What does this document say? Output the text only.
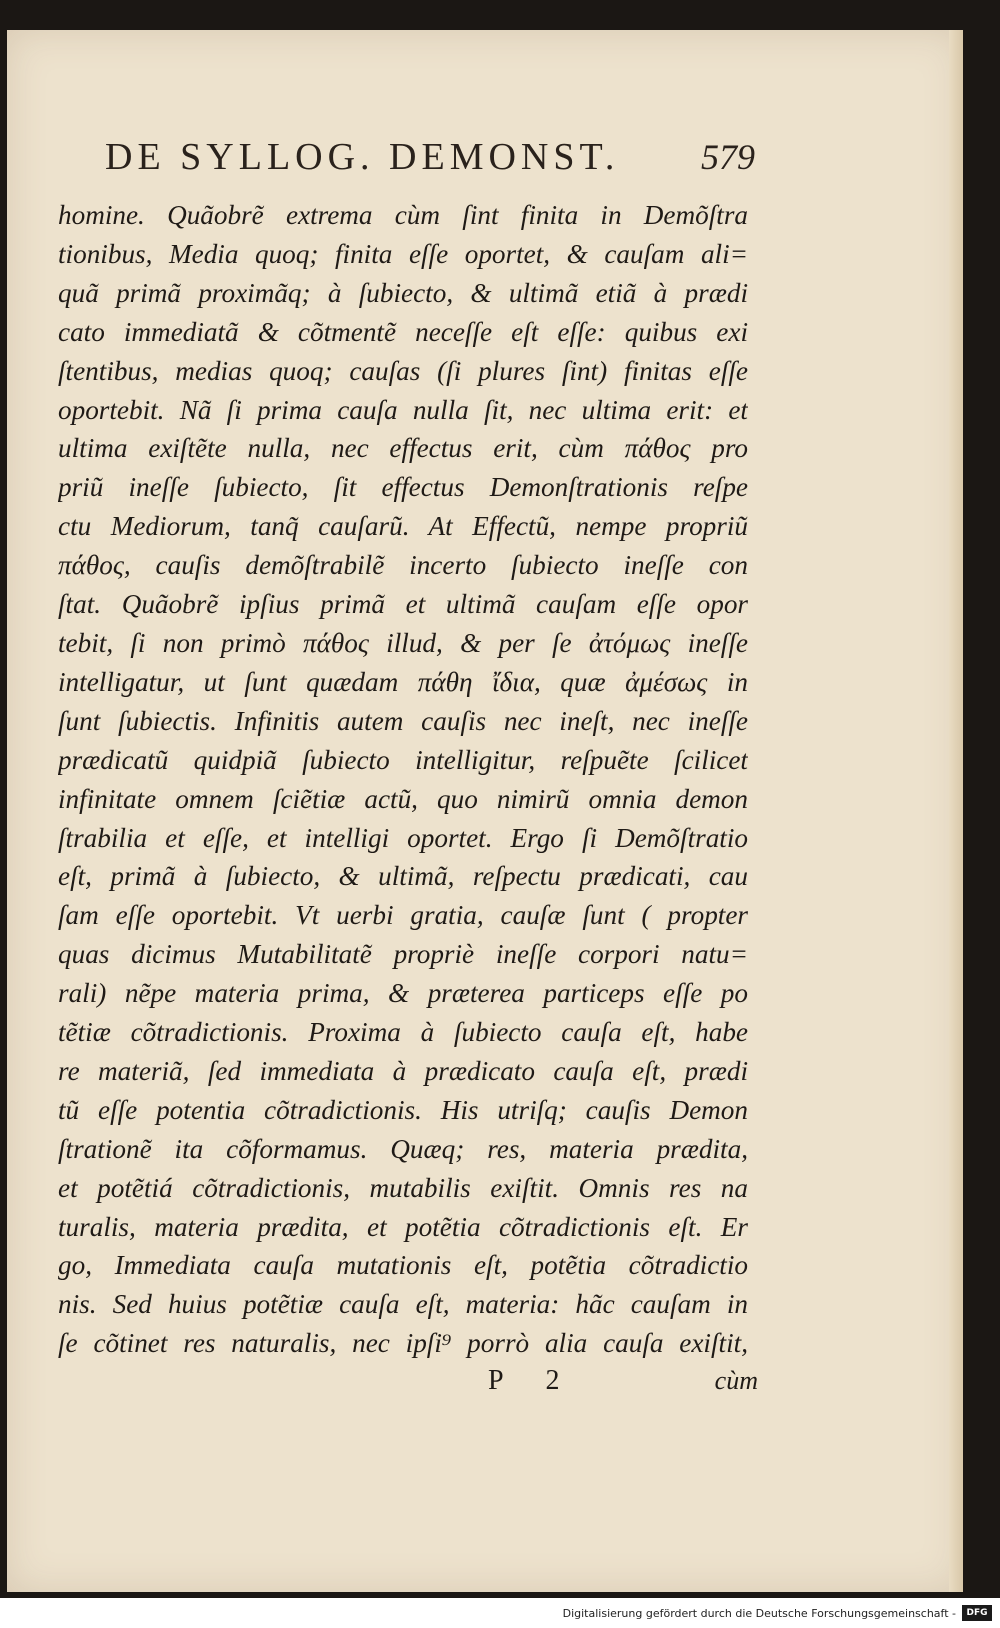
DE SYLLOG. DEMONST. 579
homine. Quãobrẽ extrema cùm ſint finita in Demõſtra
tionibus, Media quoq; finita eſſe oportet, & cauſam ali=
quã primã proximãq; à ſubiecto, & ultimã etiã à prædi
cato immediatã & cõtmentẽ neceſſe eſt eſſe: quibus exi
ſtentibus, medias quoq; cauſas (ſi plures ſint) finitas eſſe
oportebit. Nã ſi prima cauſa nulla ſit, nec ultima erit: et
ultima exiſtẽte nulla, nec effectus erit, cùm πάθος pro
priũ ineſſe ſubiecto, ſit effectus Demonſtrationis reſpe
ctu Mediorum, tanq̃ cauſarũ. At Effectũ, nempe propriũ
πάθος, cauſis demõſtrabilẽ incerto ſubiecto ineſſe con
ſtat. Quãobrẽ ipſius primã et ultimã cauſam eſſe opor
tebit, ſi non primò πάθος illud, & per ſe ἀτόμως ineſſe
intelligatur, ut ſunt quædam πάθη ἴδια, quæ ἀμέσως in
ſunt ſubiectis. Infinitis autem cauſis nec ineſt, nec ineſſe
prædicatũ quidpiã ſubiecto intelligitur, reſpuẽte ſcilicet
infinitate omnem ſciẽtiæ actũ, quo nimirũ omnia demon
ſtrabilia et eſſe, et intelligi oportet. Ergo ſi Demõſtratio
eſt, primã à ſubiecto, & ultimã, reſpectu prædicati, cau
ſam eſſe oportebit. Vt uerbi gratia, cauſæ ſunt ( propter
quas dicimus Mutabilitatẽ propriè ineſſe corpori natu=
rali) nẽpe materia prima, & præterea particeps eſſe po
tẽtiæ cõtradictionis. Proxima à ſubiecto cauſa eſt, habe
re materiã, ſed immediata à prædicato cauſa eſt, prædi
tũ eſſe potentia cõtradictionis. His utriſq; cauſis Demon
ſtrationẽ ita cõformamus. Quæq; res, materia prædita,
et potẽtiá cõtradictionis, mutabilis exiſtit. Omnis res na
turalis, materia prædita, et potẽtia cõtradictionis eſt. Er
go, Immediata cauſa mutationis eſt, potẽtia cõtradictio
nis. Sed huius potẽtiæ cauſa eſt, materia: hãc cauſam in
ſe cõtinet res naturalis, nec ipſi⁹ porrò alia cauſa exiſtit,
P 2	cùm
Digitalisierung gefördert durch die Deutsche Forschungsgemeinschaft -	DFG
